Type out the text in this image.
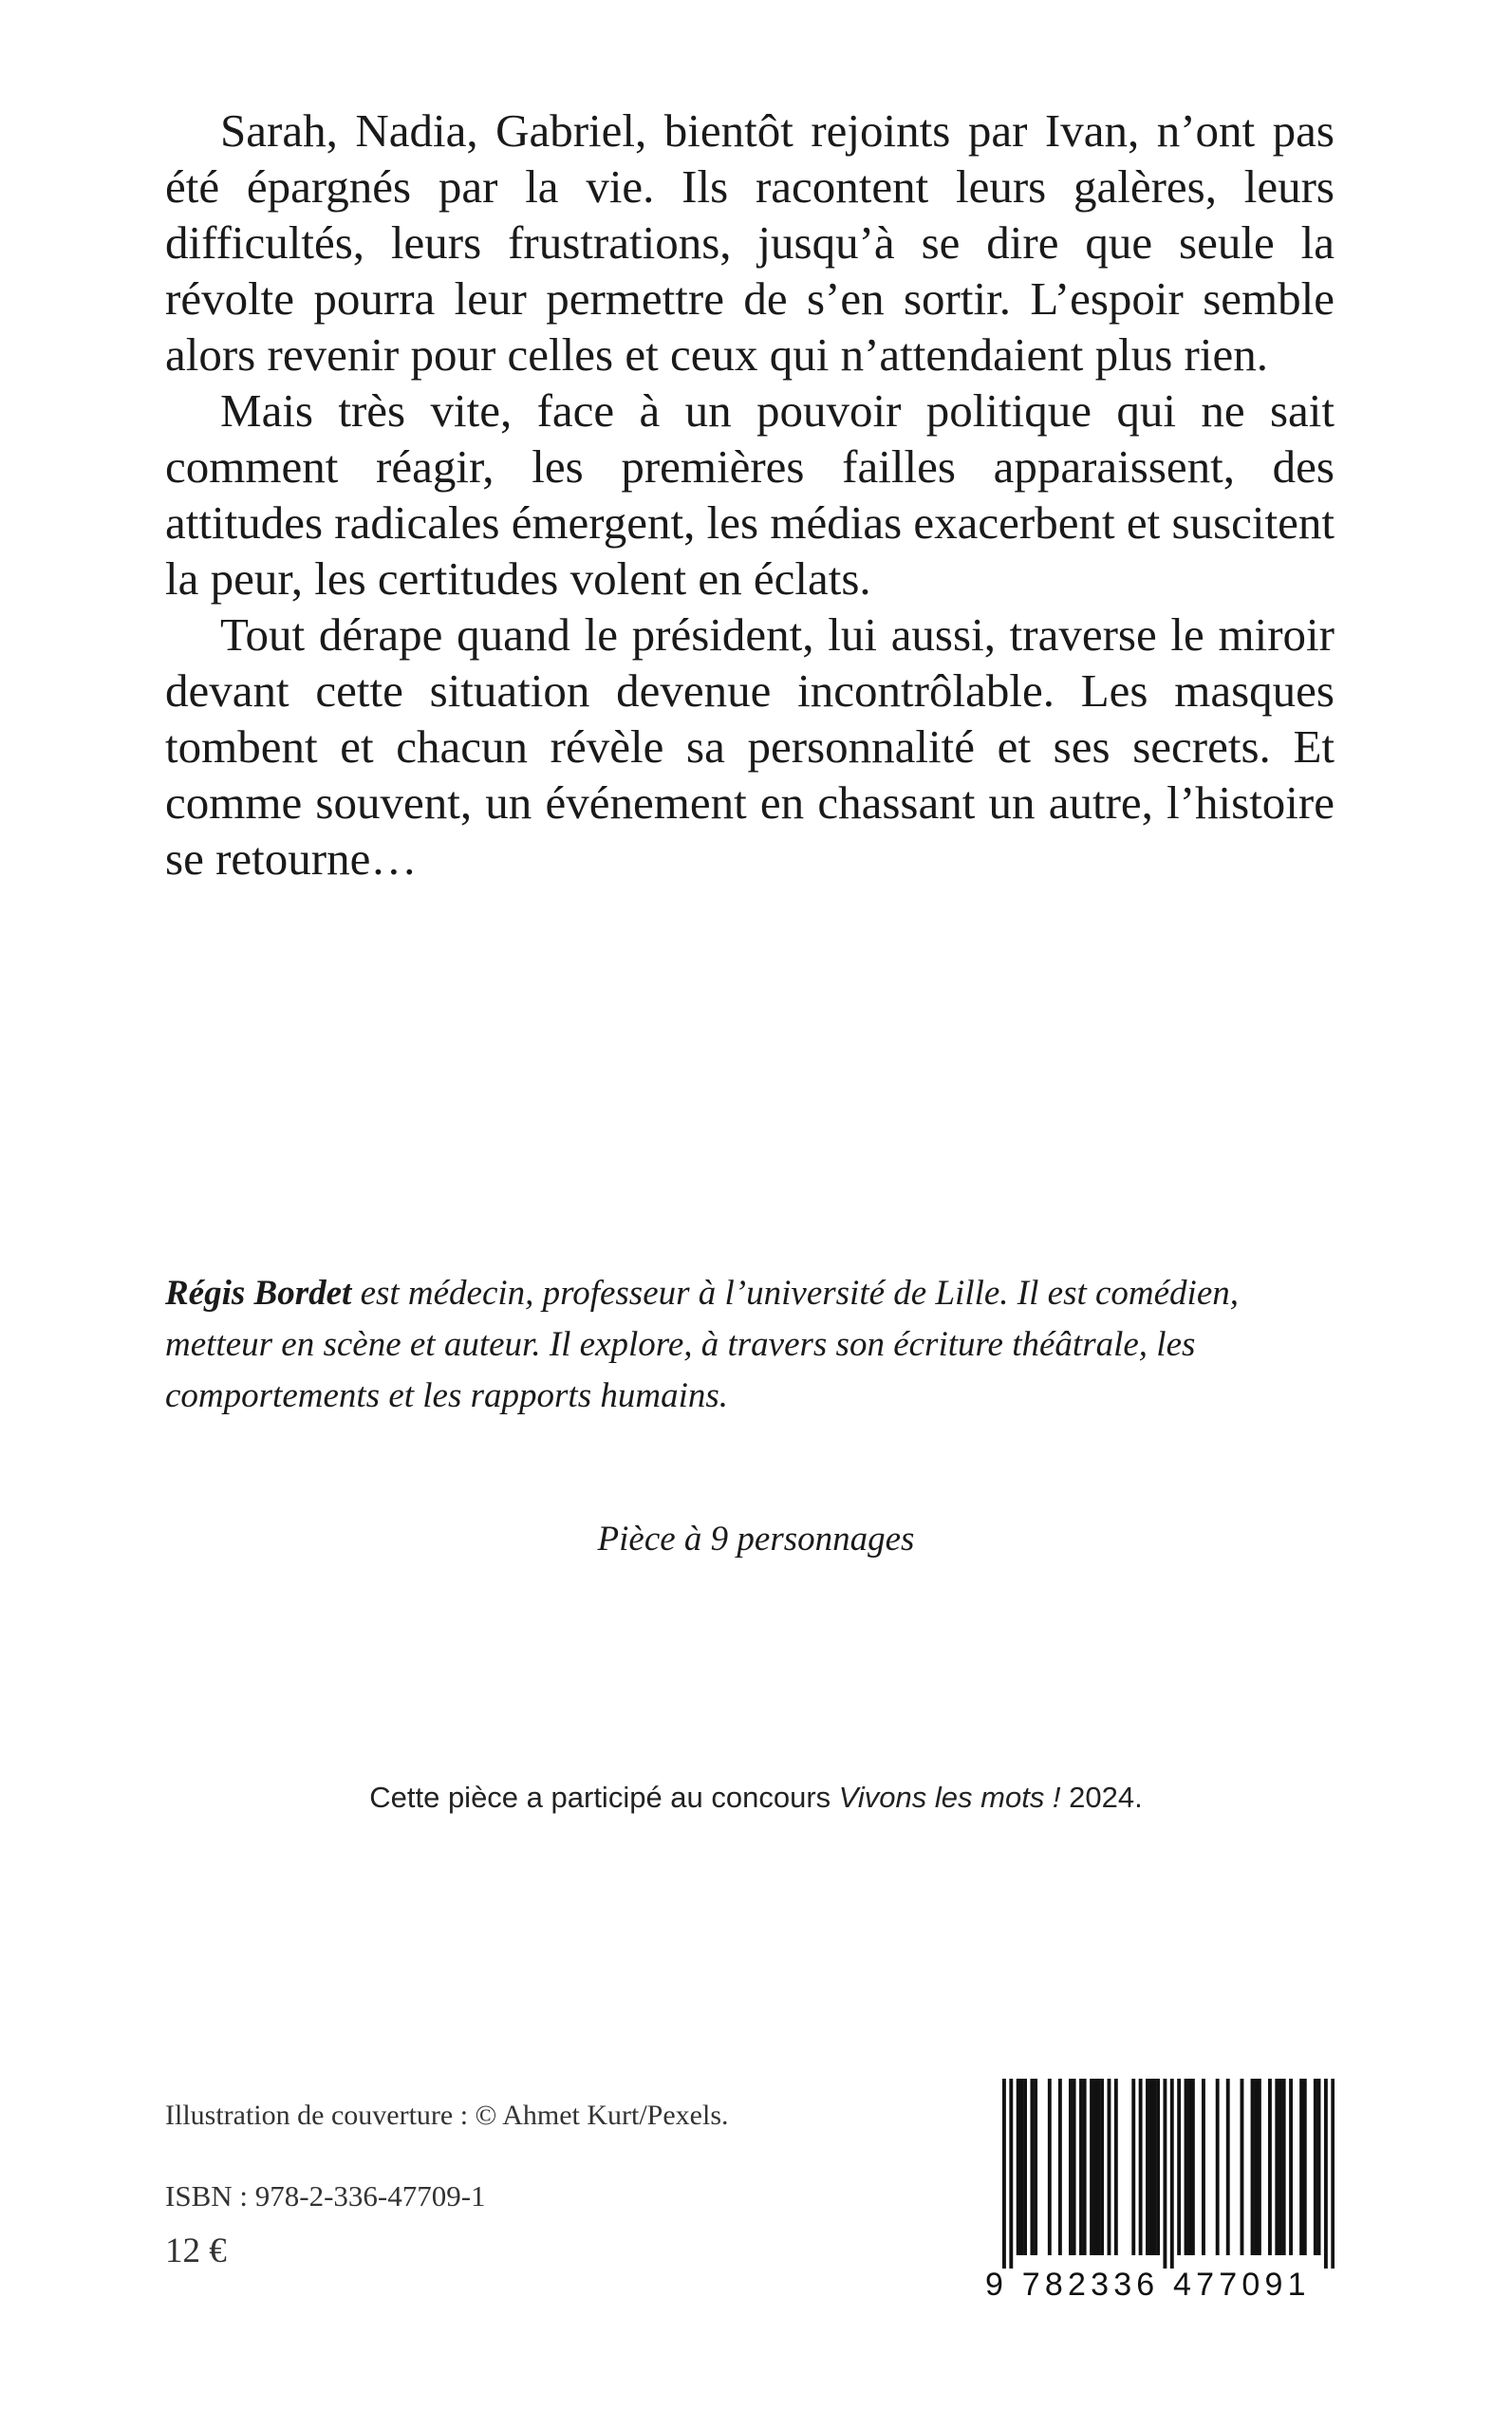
Sarah, Nadia, Gabriel, bientôt rejoints par Ivan, n’ont pas été épargnés par la vie. Ils racontent leurs galères, leurs difficultés, leurs frustrations, jusqu’à se dire que seule la révolte pourra leur permettre de s’en sortir. L’espoir semble alors revenir pour celles et ceux qui n’attendaient plus rien.

Mais très vite, face à un pouvoir politique qui ne sait comment réagir, les premières failles apparaissent, des attitudes radicales émergent, les médias exacerbent et suscitent la peur, les certitudes volent en éclats.

Tout dérape quand le président, lui aussi, traverse le miroir devant cette situation devenue incontrôlable. Les masques tombent et chacun révèle sa personnalité et ses secrets. Et comme souvent, un événement en chassant un autre, l’histoire se retourne…

Régis Bordet est médecin, professeur à l’université de Lille. Il est comédien, metteur en scène et auteur. Il explore, à travers son écriture théâtrale, les comportements et les rapports humains.
Pièce à 9 personnages
Cette pièce a participé au concours Vivons les mots ! 2024.
Illustration de couverture : © Ahmet Kurt/Pexels.
ISBN : 978-2-336-47709-1
12 €
9 782336 477091
